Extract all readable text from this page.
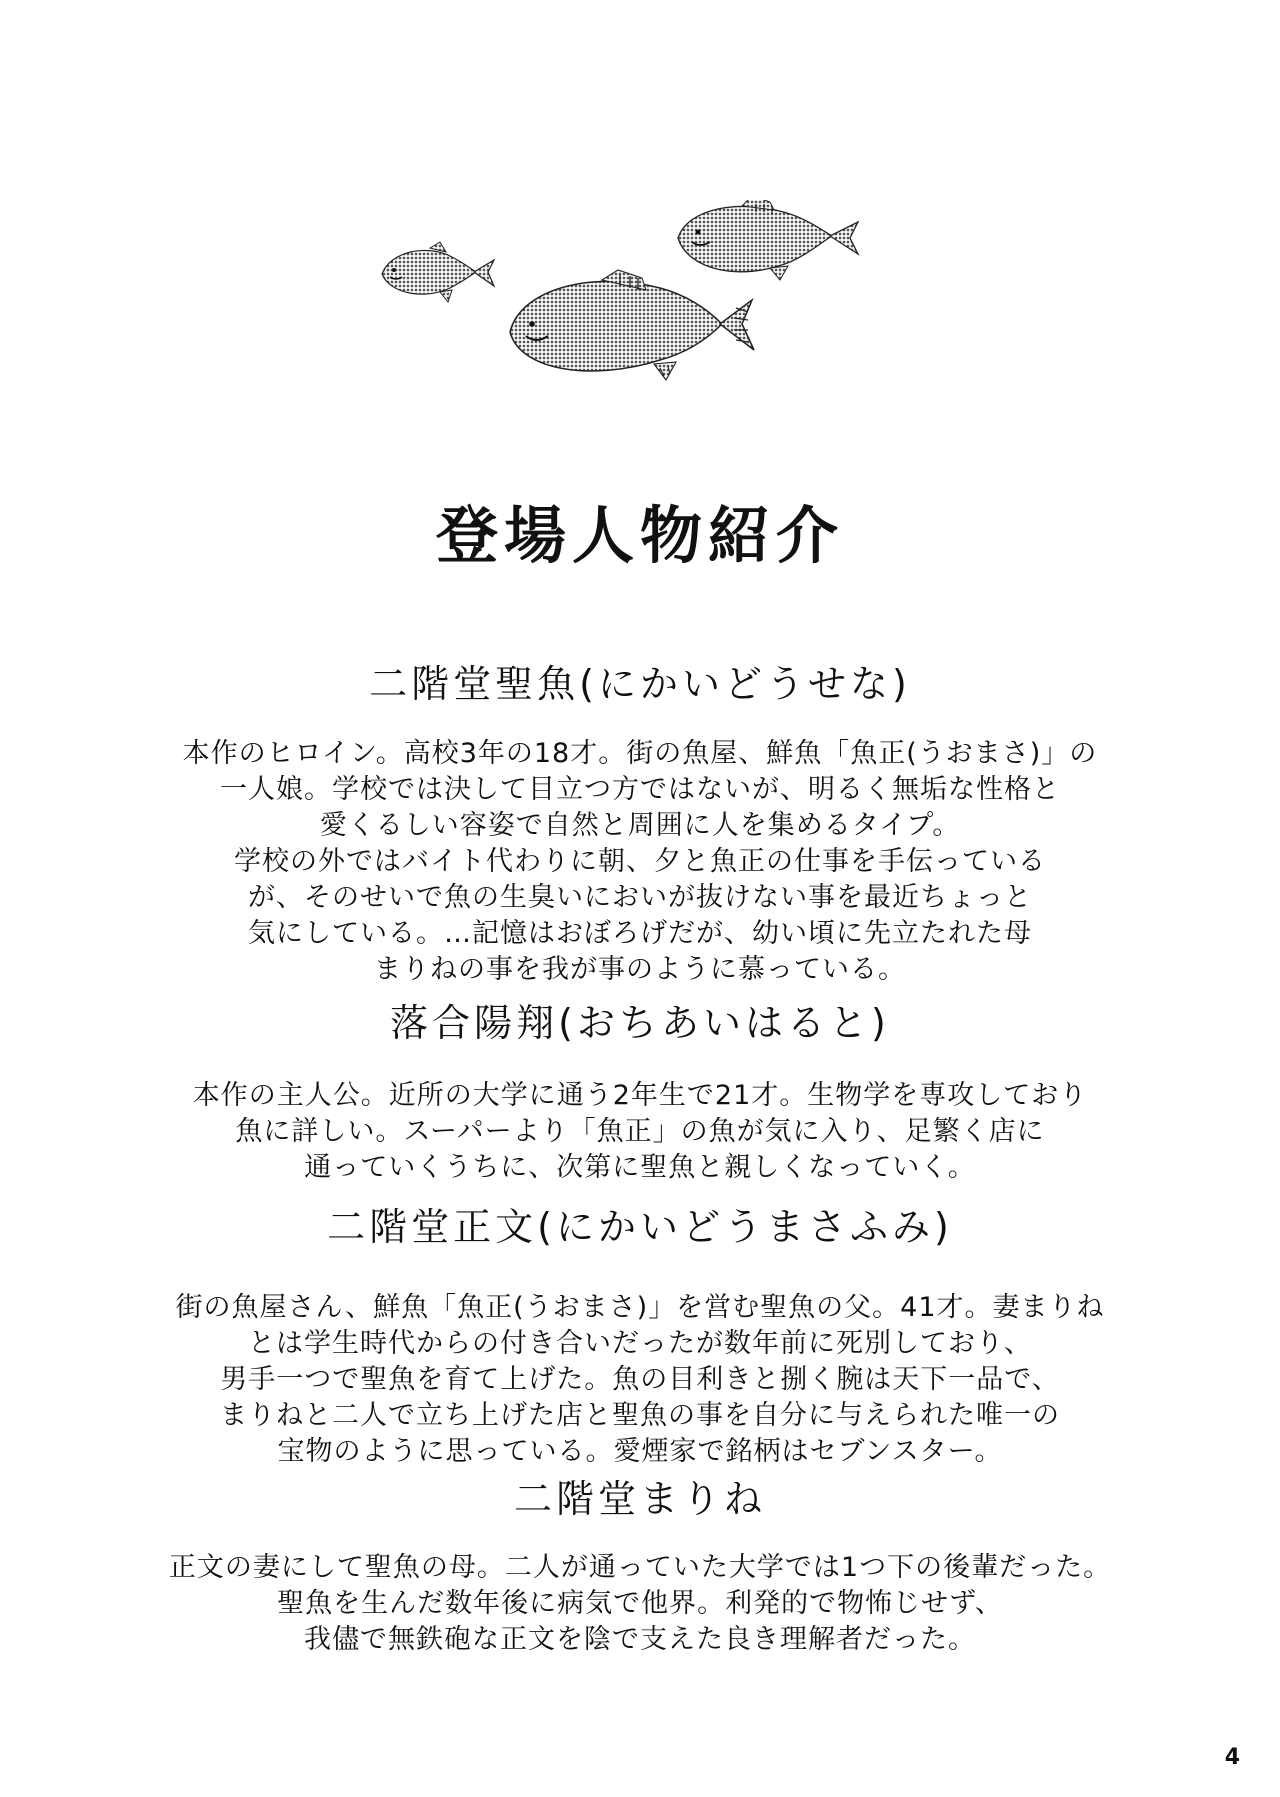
登場人物紹介
二階堂聖魚(にかいどうせな)
本作のヒロイン。高校3年の18才。街の魚屋、鮮魚「魚正(うおまさ)」の
一人娘。学校では決して目立つ方ではないが、明るく無垢な性格と
愛くるしい容姿で自然と周囲に人を集めるタイプ。
学校の外ではバイト代わりに朝、夕と魚正の仕事を手伝っている
が、そのせいで魚の生臭いにおいが抜けない事を最近ちょっと
気にしている。…記憶はおぼろげだが、幼い頃に先立たれた母
まりねの事を我が事のように慕っている。
落合陽翔(おちあいはると)
本作の主人公。近所の大学に通う2年生で21才。生物学を専攻しており
魚に詳しい。スーパーより「魚正」の魚が気に入り、足繁く店に
通っていくうちに、次第に聖魚と親しくなっていく。
二階堂正文(にかいどうまさふみ)
街の魚屋さん、鮮魚「魚正(うおまさ)」を営む聖魚の父。41才。妻まりね
とは学生時代からの付き合いだったが数年前に死別しており、
男手一つで聖魚を育て上げた。魚の目利きと捌く腕は天下一品で、
まりねと二人で立ち上げた店と聖魚の事を自分に与えられた唯一の
宝物のように思っている。愛煙家で銘柄はセブンスター。
二階堂まりね
正文の妻にして聖魚の母。二人が通っていた大学では1つ下の後輩だった。
聖魚を生んだ数年後に病気で他界。利発的で物怖じせず、
我儘で無鉄砲な正文を陰で支えた良き理解者だった。
4
